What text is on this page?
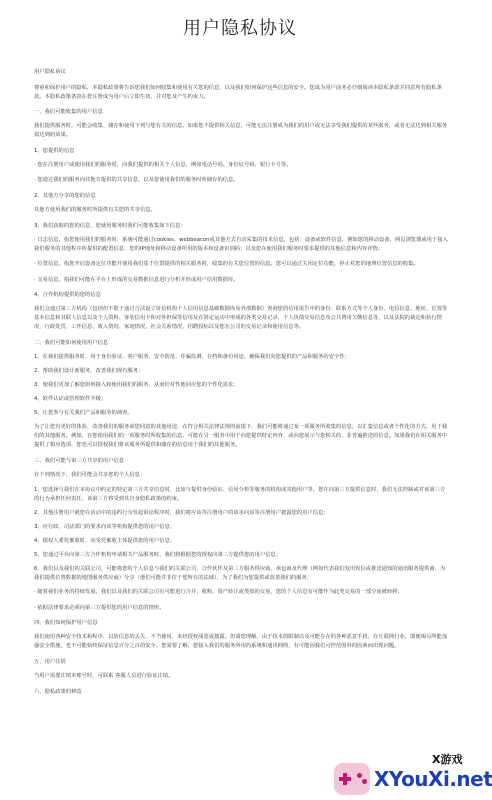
用户隐私协议

用户隐私协议

尊重和保护用户的隐私，本隐私政策将告诉您我们如何收集和使用有关您的信息，以及我们如何保护这些信息的安全。您成为用户前务必仔细阅读本隐私条款并同意所有隐私条款。本隐私政策条款在您注册成为用户后立即生效，并对您及产生约束力。

一、我们可能收集的用户信息

我们提供服务时，可能会收集、储存和使用下列与您有关的信息。如果您不提供相关信息，可能无法注册成为我们的用户或无法享受我们提供的某些服务，或者无法达到相关服务拟达到的效果。

1、您提供的信息

· 您在注册用户或使用我们的服务时，向我们提供的相关个人信息，例如电话号码、身份证号码、银行卡号等。

· 您通过我们的服务向其他方提供的共享信息，以及您使用我们的服务时所储存的信息。

2、其他方分享的您的信息

其他方使用我们的服务时所提供有关您的共享信息。

3、我们获取的您的信息，您使用服务时我们可能收集如下信息：

· 日志信息，指您使用我们的服务时，系统可能通过cookies、webbeacon或其他方式自动采集的技术信息，包括：设备或软件信息，例如您的移动设备、网页浏览器或用于接入我们服务的其他程序所提供的配置信息、您的IP地址和移动设备所用的版本和设备识别码；以及您在使用我们服务时要求提供的其他信息和内容详情。

· 位置信息，指您开启设备定位功能并使用我们基于位置提供的相关服务时，收集的有关您位置的信息。您可以通过关闭定位功能，停止对您的地理位置信息的收集。

· 交易信息，指我们可能在平台上形成的交易数据信息进行分析并形成用户信用数据库。

4、合作机构提供的您的信息

我们会通过第三方机构（包括但不限于通过合法设立征信机构个人信用信息基础数据库及外部数据）查询您的信用报告中的身份、联系方式等个人身份、电信信息、地址、位置等基本信息和其联人信息以及个人资料、客装信用卡和对外担保等信用及在筒定运动中形成的各类交易记录，个人负债交易信息及公共费用欠缴信息等，以及法院的裁定和执行情况、行政处罚、工作信息、收入情况、家庭情况、社会关系情况、招聘投标以及您在公司的交易记录和使用信息等。

二、我们可能如何使用用户信息

1、在我们提供服务时，用于身份验证、客户服务、安全防范、诈骗监测、存档和备份用途，确保我们向您提供的产品和服务的安全性；

2、帮助我们设计新服务，改善我们现有服务；

3、使我们更加了解您如何接入和使用我们的服务，从而针对性地回应您的个性化需求；

4、软件认证或管理软件升级；

5、让您参与有关我们产品和服务的调查。

为了让您有更好的体验，改善我们的服务或您同意的其他用途，在符合相关法律法规的前提下，我们可能将通过某一项服务所收集的信息，以汇集信息或者个性化的方式，用于我们的其他服务。例如，在您使用我们的一项服务时所收集的信息，可能在另一服务中用于向您提供特定内容，或向您展示与您相关的、非普遍推送的信息。如果我们在相关服务中提供了相应选项，您也可以授权我们将该服务所提供和储存的信息用于我们的其他服务。

三、我们可能与第三方共享的用户信息

在下列情况下，我们可能会共享您的个人信息：

1、您选择与我们在本协议中约定的特定第三方共享信息时，比如与提供身份验证、信用分析等服务的机构或其他用户等。您在向第三方提供信息时，我们无法控制或对该第三方的行为承担任何责任，该第三方将受到其自身隐私政策的约束。

2、其他注册用户就您在活动中的违约行为发起诉讼程序时，我们将应该等注册用户的请求向该等注册用户披露您的用户信息；

3、应行政、司法部门的要求向该等机构提供您的用户信息；

4、债权人委托催收时，向受托催收主体提供您的用户信息；

5、您通过平台向第三方合作机构申请相关产品服务时，我们将根据您的授权向第三方提供您的用户信息；

6、我们以及我们的关联公司，可能将您的个人信息与我们的关联公司、合作伙伴及第三方服务供应商、承包商及代理（例如代表我们发出短信或推送通知的通讯服务提供商、为我们提供位置数据的地图服务供应商）分享（他们可能并非位于您所在的法域），为了我们为您提供或改善我们的服务；

· 随着我们业务的持续发展，我们以及我们的关联公司有可能进行合并、收购、资产转让或类似的交易，您的个人信息有可能作为此类交易的一部分而被转移；

· 依据法律要求必须向第三方提供您的用户信息的情形。

四、我们如何保护用户信息

我们使用各种安全技术和程序，以防信息的丢失、不当使用、未经授权阅览或披露。但请您理解，由于技术的限制以及可能存在的各种恶意手段，在互联网行业，即便竭尽所能加强安全措施，也不可能始终保证信息百分之百的安全。您需要了解，您接入我们的服务所用的系统和通讯网络，有可能因我们可控范围外的因素而出现问题。

五、用户注销

当用户需要注销本账号时，可联系 客服人员进行验证注销。

六、隐私政策的修改

X游戏
XYouXi.net
